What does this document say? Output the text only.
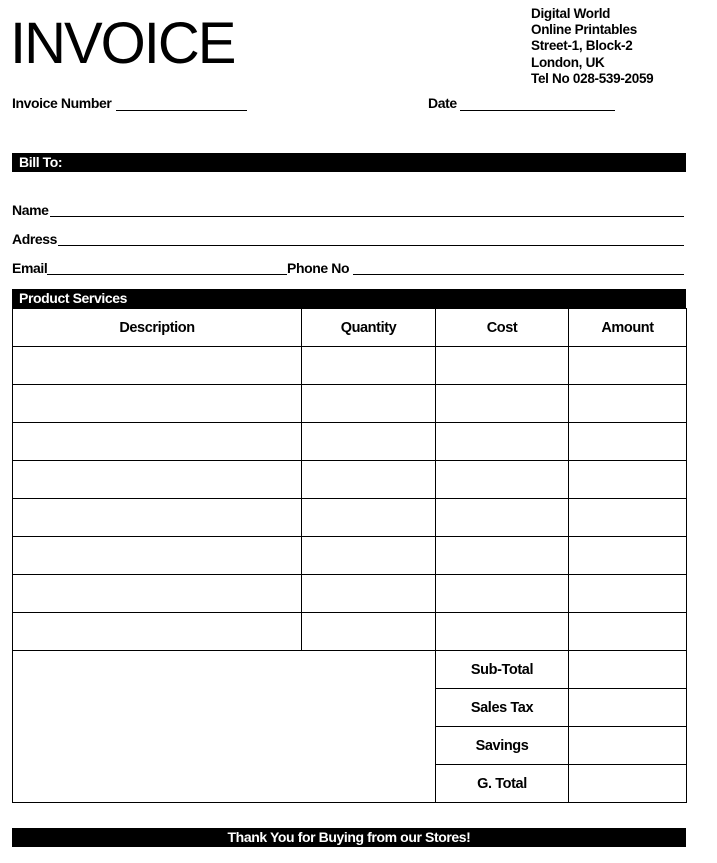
INVOICE	Digital World
Online Printables
Street-1, Block-2
London, UK
Tel No 028-539-2059
Invoice Number	Date
Bill To:
Name
Adress
Email	Phone No
Product Services
Description	Quantity	Cost	Amount

		Sub-Total	
		Sales Tax	
		Savings	
		G. Total	
Thank You for Buying from our Stores!
